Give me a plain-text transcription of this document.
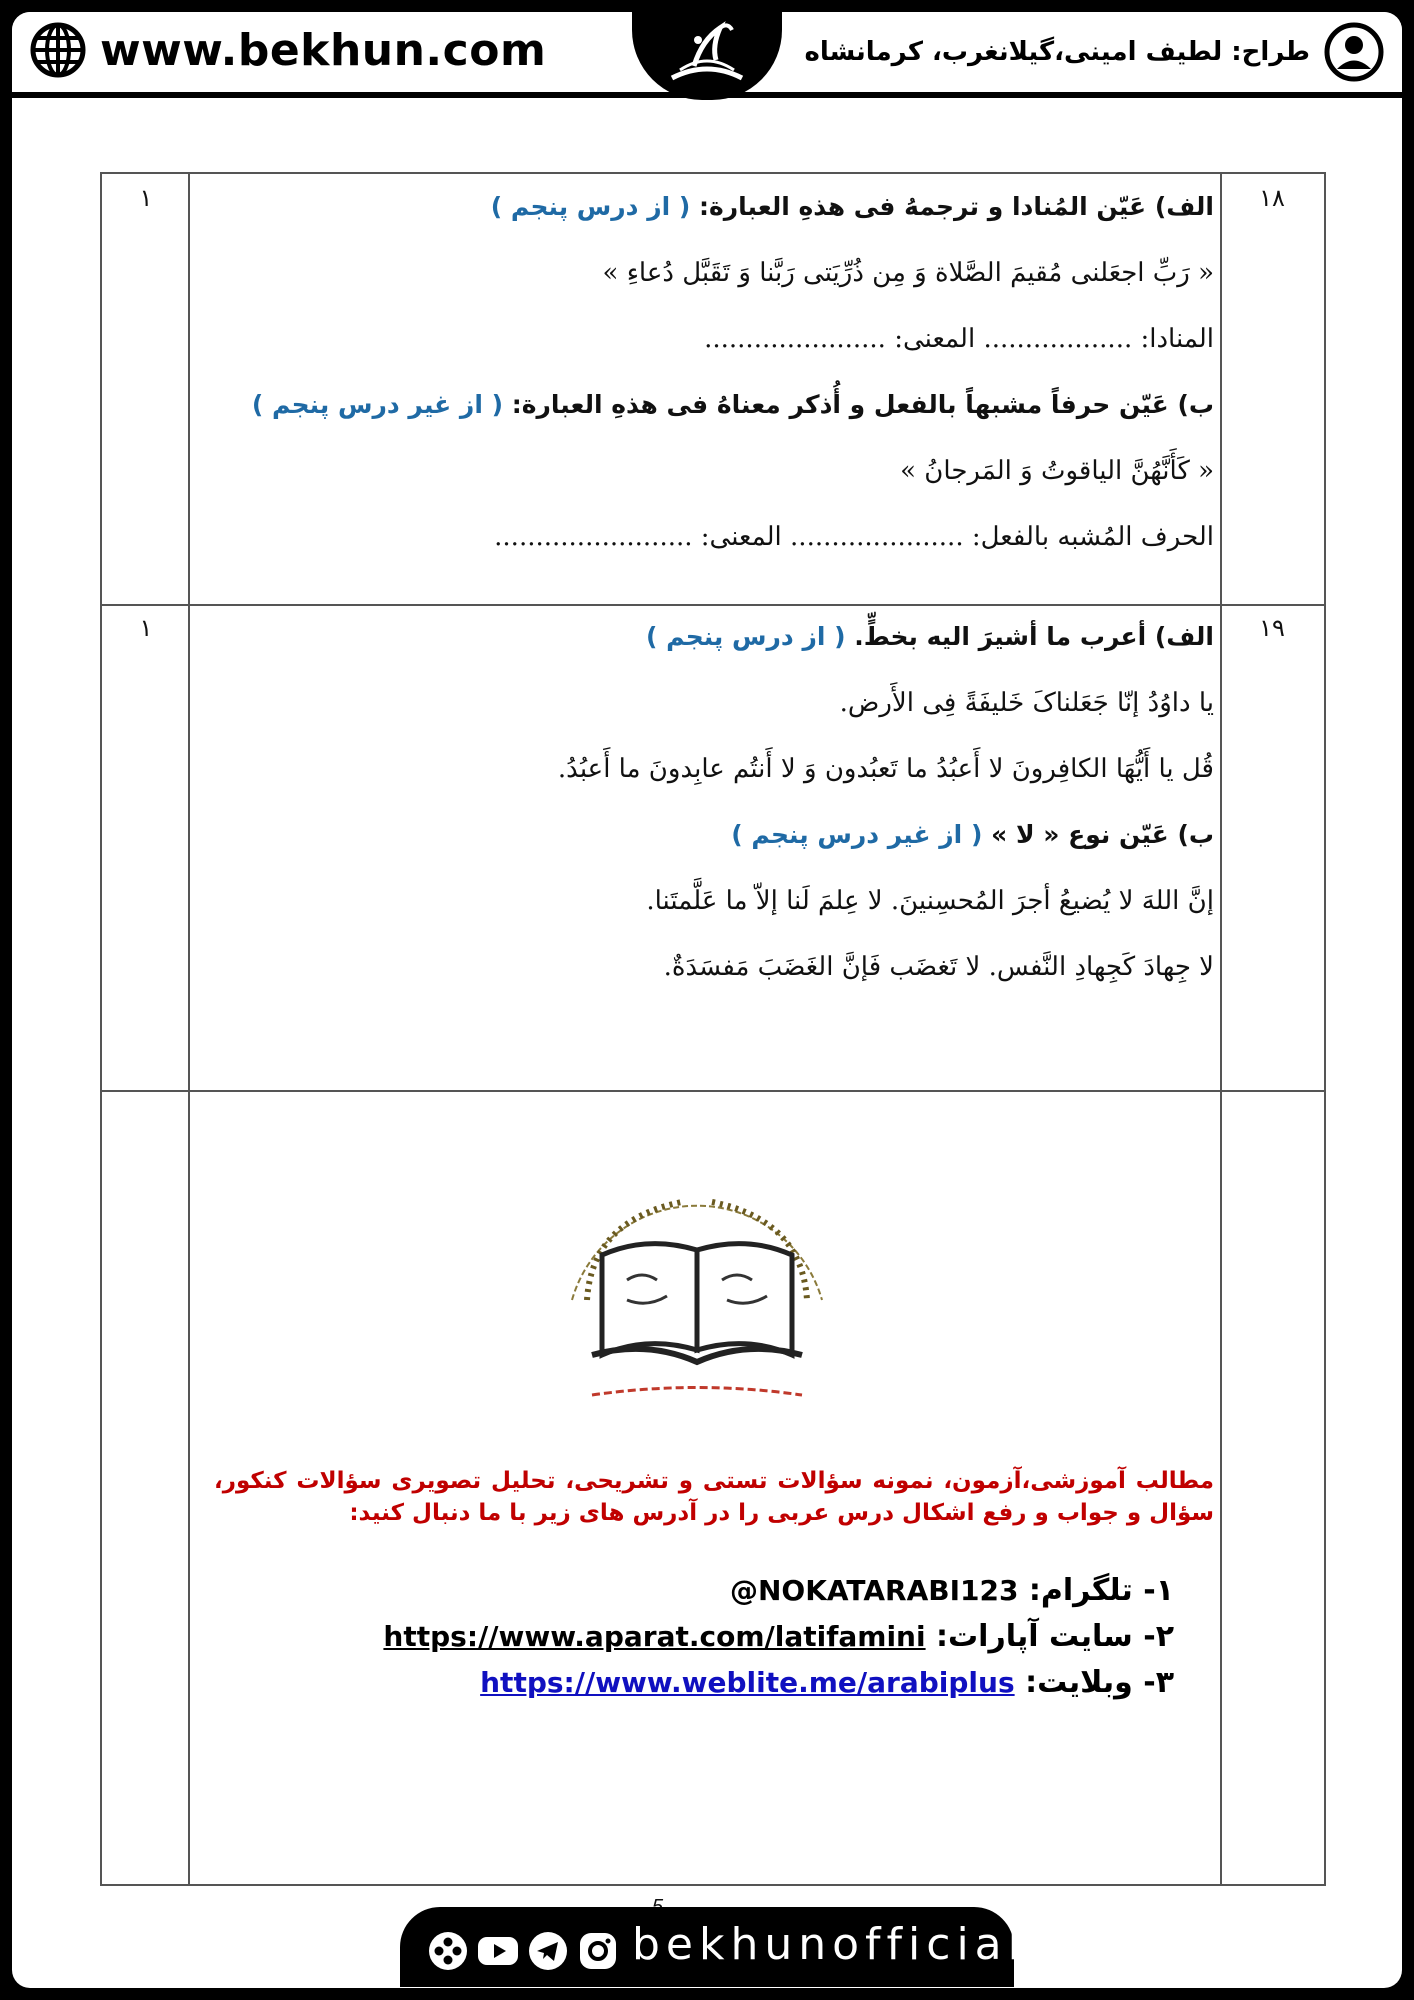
www.bekhun.com	طراح: لطیف امینی،گیلانغرب، کرمانشاه
۱۸
۱	الف) عَیّن المُنادا و ترجمهُ فی هذهِ العبارة: ( از درس پنجم )
« رَبِّ اجعَلنی مُقیمَ الصَّلاة وَ مِن ذُرِّیَتی رَبَّنا وَ تَقَبَّل دُعاءِ »
المناد‌ا: .................. المعنی: ......................
ب) عَیّن حرفاً مشبهاً بالفعل و أُذکر معناهُ فی هذهِ العبارة: ( از غیر درس پنجم )
« کَأَنَّهُنَّ الیاقوتُ وَ المَرجانُ »
الحرف المُشبه بالفعل: ..................... المعنی: ........................
۱۹
۱	الف) أعرب ما أشیرَ الیه بخطٍّ. ( از درس پنجم )
یا داوُدُ إنّا جَعَلناکَ خَلیفَةً فِی الأَرض.
قُل یا أَیُّهَا الکافِرونَ لا أَعبُدُ ما تَعبُدون وَ لا أَنتُم عابِدونَ ما أَعبُدُ.
ب) عَیّن نوع « لا » ( از غیر درس پنجم )
إنَّ اللهَ لا یُضیعُ أجرَ المُحسِنینَ. لا عِلمَ لَنا إلاّ ما عَلَّمتَنا.
لا جِهادَ کَجِهادِ النَّفس. لا تَغضَب فَإنَّ الغَضَبَ مَفسَدَةٌ.
مطالب آموزشی،آزمون، نمونه سؤالات تستی و تشریحی، تحلیل تصویری سؤالات کنکور، سؤال و جواب و رفع اشکال درس عربی را در آدرس های زیر با ما دنبال کنید:
۱- تلگرام: @NOKATARABI123
۲- سایت آپارات: https://www.aparat.com/latifamini
۳- وبلایت: https://www.weblite.me/arabiplus
bekhunofficial
